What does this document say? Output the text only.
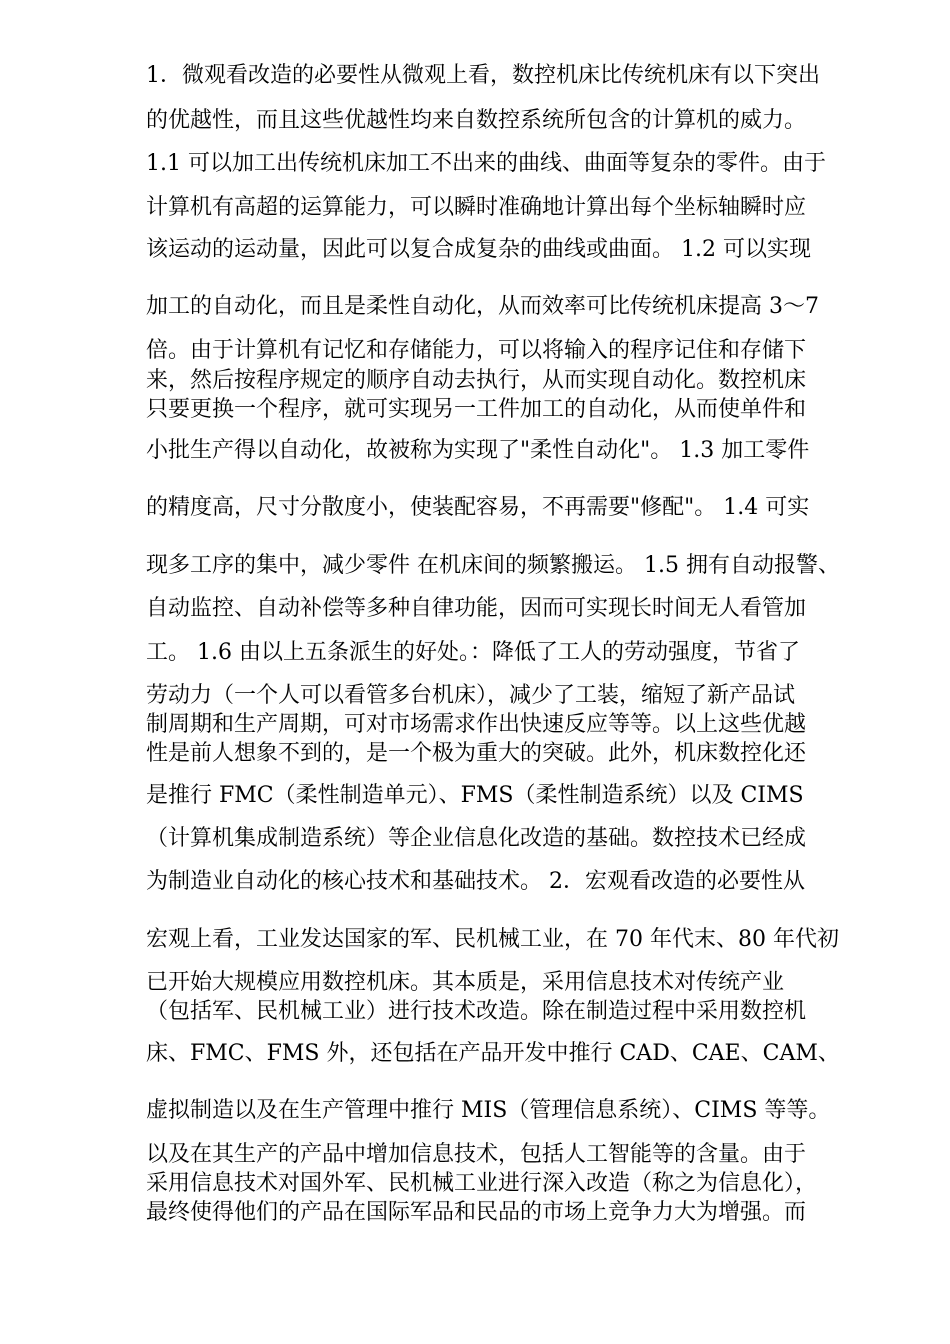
1．微观看改造的必要性从微观上看，数控机床比传统机床有以下突出
的优越性，而且这些优越性均来自数控系统所包含的计算机的威力。
1.1 可以加工出传统机床加工不出来的曲线、曲面等复杂的零件。由于
计算机有高超的运算能力，可以瞬时准确地计算出每个坐标轴瞬时应
该运动的运动量，因此可以复合成复杂的曲线或曲面。 1.2 可以实现
加工的自动化，而且是柔性自动化，从而效率可比传统机床提高 3～7
倍。由于计算机有记忆和存储能力，可以将输入的程序记住和存储下
来，然后按程序规定的顺序自动去执行，从而实现自动化。数控机床
只要更换一个程序，就可实现另一工件加工的自动化，从而使单件和
小批生产得以自动化，故被称为实现了"柔性自动化"。 1.3 加工零件
的精度高，尺寸分散度小，使装配容易，不再需要"修配"。 1.4 可实
现多工序的集中，减少零件 在机床间的频繁搬运。 1.5 拥有自动报警、
自动监控、自动补偿等多种自律功能，因而可实现长时间无人看管加
工。 1.6 由以上五条派生的好处。：降低了工人的劳动强度，节省了
劳动力（一个人可以看管多台机床），减少了工装，缩短了新产品试
制周期和生产周期，可对市场需求作出快速反应等等。以上这些优越
性是前人想象不到的，是一个极为重大的突破。此外，机床数控化还
是推行 FMC（柔性制造单元）、FMS（柔性制造系统）以及 CIMS
（计算机集成制造系统）等企业信息化改造的基础。数控技术已经成
为制造业自动化的核心技术和基础技术。 2．宏观看改造的必要性从
宏观上看，工业发达国家的军、民机械工业，在 70 年代末、80 年代初
已开始大规模应用数控机床。其本质是，采用信息技术对传统产业
（包括军、民机械工业）进行技术改造。除在制造过程中采用数控机
床、FMC、FMS 外，还包括在产品开发中推行 CAD、CAE、CAM、
虚拟制造以及在生产管理中推行 MIS（管理信息系统）、CIMS 等等。
以及在其生产的产品中增加信息技术，包括人工智能等的含量。由于
采用信息技术对国外军、民机械工业进行深入改造（称之为信息化），
最终使得他们的产品在国际军品和民品的市场上竞争力大为增强。而
